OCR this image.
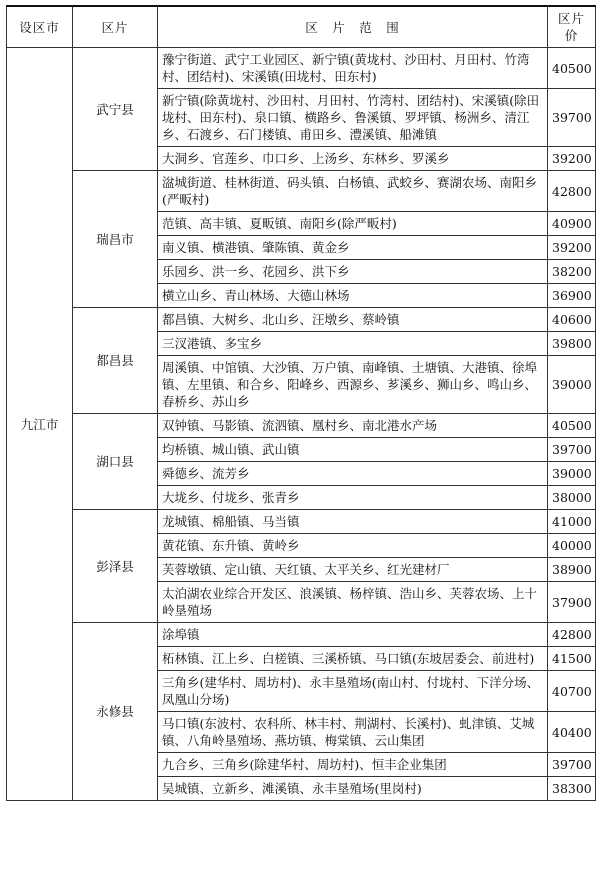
设区市	区片	区　片　范　围	区片价
九江市	武宁县	豫宁街道、武宁工业园区、新宁镇(黄垅村、沙田村、月田村、竹湾村、团结村)、宋溪镇(田垅村、田东村)	40500
		新宁镇(除黄垅村、沙田村、月田村、竹湾村、团结村)、宋溪镇(除田垅村、田东村)、泉口镇、横路乡、鲁溪镇、罗坪镇、杨洲乡、清江乡、石渡乡、石门楼镇、甫田乡、澧溪镇、船滩镇	39700
		大洞乡、官莲乡、巾口乡、上汤乡、东林乡、罗溪乡	39200
	瑞昌市	湓城街道、桂林街道、码头镇、白杨镇、武蛟乡、赛湖农场、南阳乡(严畈村)	42800
		范镇、高丰镇、夏畈镇、南阳乡(除严畈村)	40900
		南义镇、横港镇、肇陈镇、黄金乡	39200
		乐园乡、洪一乡、花园乡、洪下乡	38200
		横立山乡、青山林场、大德山林场	36900
	都昌县	都昌镇、大树乡、北山乡、汪墩乡、蔡岭镇	40600
		三汊港镇、多宝乡	39800
		周溪镇、中馆镇、大沙镇、万户镇、南峰镇、土塘镇、大港镇、徐埠镇、左里镇、和合乡、阳峰乡、西源乡、芗溪乡、狮山乡、鸣山乡、春桥乡、苏山乡	39000
	湖口县	双钟镇、马影镇、流泗镇、凰村乡、南北港水产场	40500
		均桥镇、城山镇、武山镇	39700
		舜德乡、流芳乡	39000
		大垅乡、付垅乡、张青乡	38000
	彭泽县	龙城镇、棉船镇、马当镇	41000
		黄花镇、东升镇、黄岭乡	40000
		芙蓉墩镇、定山镇、天红镇、太平关乡、红光建材厂	38900
		太泊湖农业综合开发区、浪溪镇、杨梓镇、浩山乡、芙蓉农场、上十岭垦殖场	37900
	永修县	涂埠镇	42800
		柘林镇、江上乡、白槎镇、三溪桥镇、马口镇(东坡居委会、前进村)	41500
		三角乡(建华村、周坊村)、永丰垦殖场(南山村、付垅村、下洋分场、凤凰山分场)	40700
		马口镇(东波村、农科所、林丰村、荆湖村、长溪村)、虬津镇、艾城镇、八角岭垦殖场、燕坊镇、梅棠镇、云山集团	40400
		九合乡、三角乡(除建华村、周坊村)、恒丰企业集团	39700
		吴城镇、立新乡、滩溪镇、永丰垦殖场(里岗村)	38300
